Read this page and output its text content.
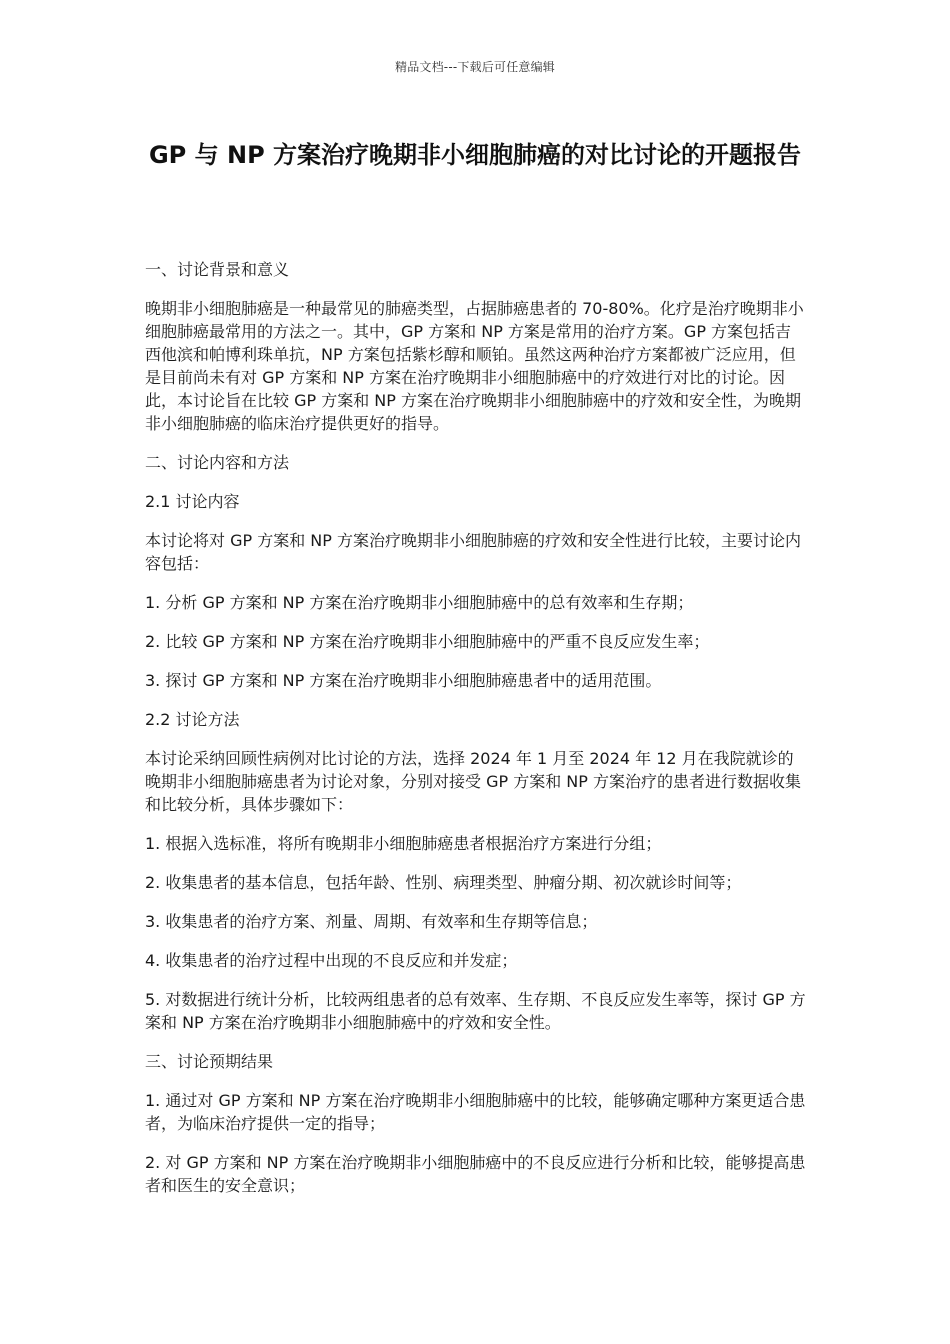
精品文档---下载后可任意编辑
GP 与 NP 方案治疗晚期非小细胞肺癌的对比讨论的开题报告

一、讨论背景和意义

晚期非小细胞肺癌是一种最常见的肺癌类型，占据肺癌患者的 70-80%。化疗是治疗晚期非小细胞肺癌最常用的方法之一。其中，GP 方案和 NP 方案是常用的治疗方案。GP 方案包括吉西他滨和帕博利珠单抗，NP 方案包括紫杉醇和顺铂。虽然这两种治疗方案都被广泛应用，但是目前尚未有对 GP 方案和 NP 方案在治疗晚期非小细胞肺癌中的疗效进行对比的讨论。因此，本讨论旨在比较 GP 方案和 NP 方案在治疗晚期非小细胞肺癌中的疗效和安全性，为晚期非小细胞肺癌的临床治疗提供更好的指导。

二、讨论内容和方法

2.1 讨论内容

本讨论将对 GP 方案和 NP 方案治疗晚期非小细胞肺癌的疗效和安全性进行比较，主要讨论内容包括：

1. 分析 GP 方案和 NP 方案在治疗晚期非小细胞肺癌中的总有效率和生存期；

2. 比较 GP 方案和 NP 方案在治疗晚期非小细胞肺癌中的严重不良反应发生率；

3. 探讨 GP 方案和 NP 方案在治疗晚期非小细胞肺癌患者中的适用范围。

2.2 讨论方法

本讨论采纳回顾性病例对比讨论的方法，选择 2024 年 1 月至 2024 年 12 月在我院就诊的晚期非小细胞肺癌患者为讨论对象，分别对接受 GP 方案和 NP 方案治疗的患者进行数据收集和比较分析，具体步骤如下：

1. 根据入选标准，将所有晚期非小细胞肺癌患者根据治疗方案进行分组；

2. 收集患者的基本信息，包括年龄、性别、病理类型、肿瘤分期、初次就诊时间等；

3. 收集患者的治疗方案、剂量、周期、有效率和生存期等信息；

4. 收集患者的治疗过程中出现的不良反应和并发症；

5. 对数据进行统计分析，比较两组患者的总有效率、生存期、不良反应发生率等，探讨 GP 方案和 NP 方案在治疗晚期非小细胞肺癌中的疗效和安全性。

三、讨论预期结果

1. 通过对 GP 方案和 NP 方案在治疗晚期非小细胞肺癌中的比较，能够确定哪种方案更适合患者，为临床治疗提供一定的指导；

2. 对 GP 方案和 NP 方案在治疗晚期非小细胞肺癌中的不良反应进行分析和比较，能够提高患者和医生的安全意识；
